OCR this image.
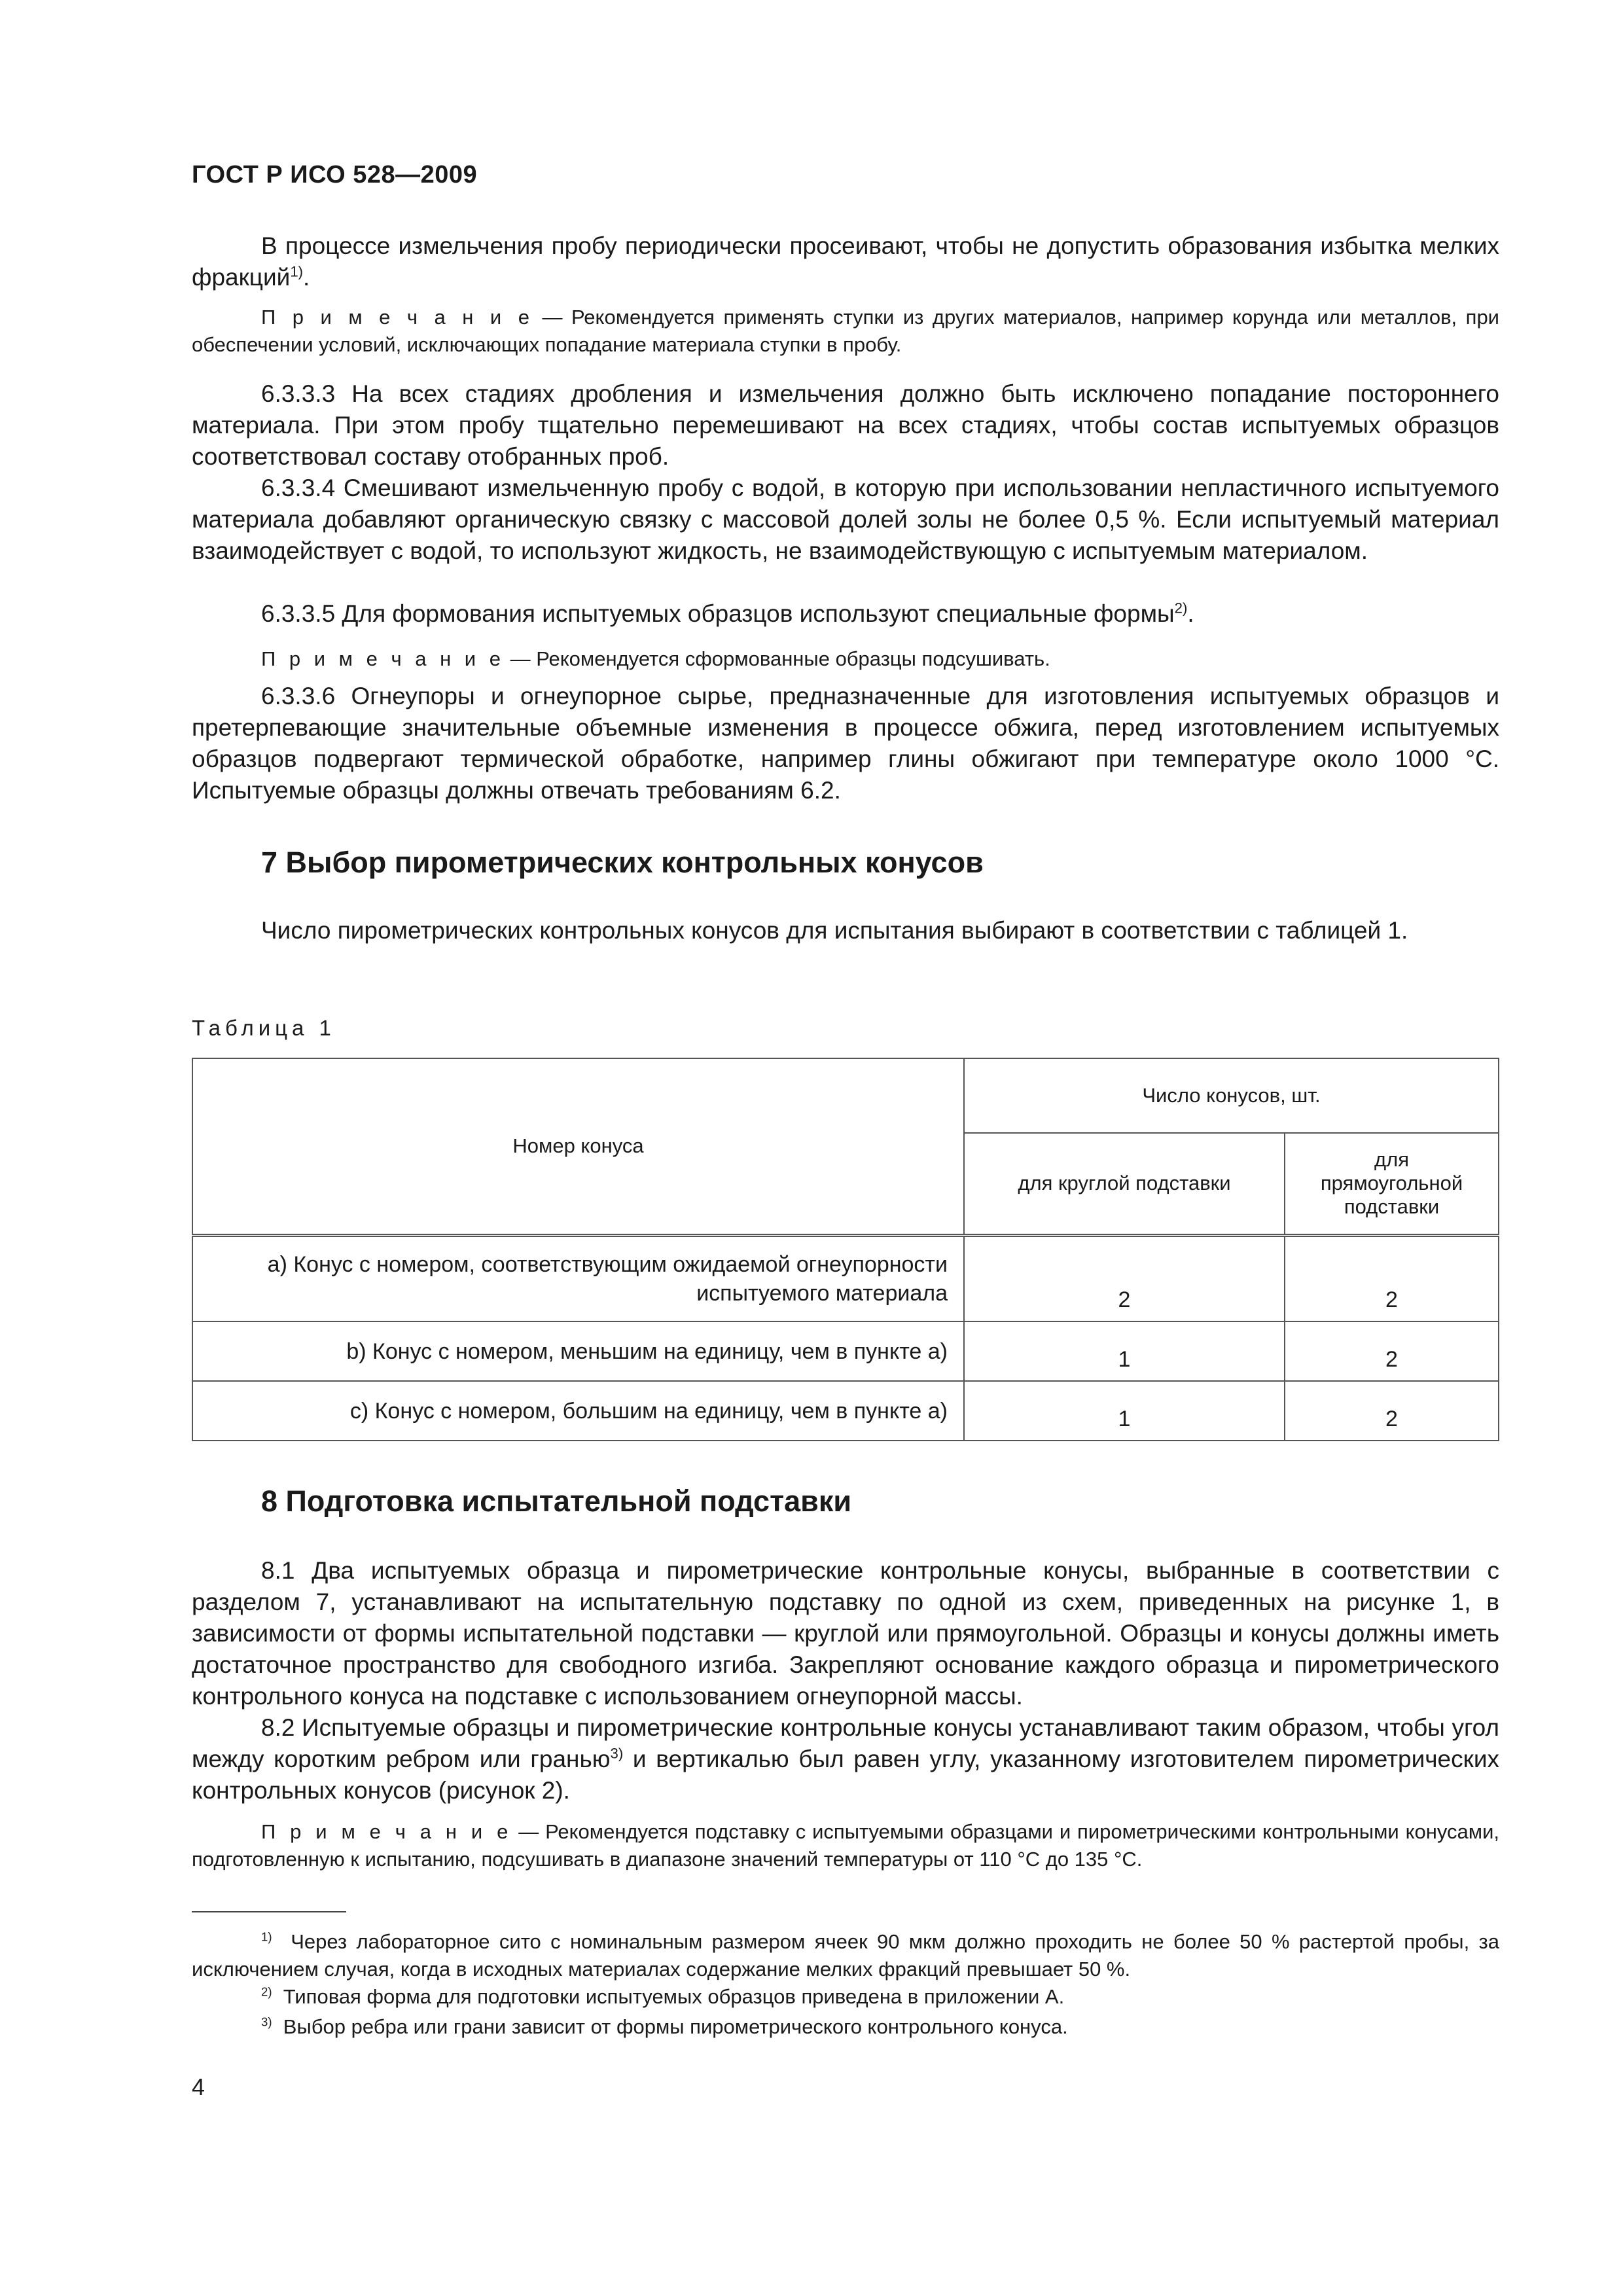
ГОСТ Р ИСО 528—2009
В процессе измельчения пробу периодически просеивают, чтобы не допустить образования избытка мелких фракций$^{1)}$.
П р и м е ч а н и е — Рекомендуется применять ступки из других материалов, например корунда или металлов, при обеспечении условий, исключающих попадание материала ступки в пробу.
6.3.3.3 На всех стадиях дробления и измельчения должно быть исключено попадание постороннего материала. При этом пробу тщательно перемешивают на всех стадиях, чтобы состав испытуемых образцов соответствовал составу отобранных проб.
6.3.3.4 Смешивают измельченную пробу с водой, в которую при использовании непластичного испытуемого материала добавляют органическую связку с массовой долей золы не более 0,5 %. Если испытуемый материал взаимодействует с водой, то используют жидкость, не взаимодействующую с испытуемым материалом.
6.3.3.5 Для формования испытуемых образцов используют специальные формы$^{2)}$.
П р и м е ч а н и е — Рекомендуется сформованные образцы подсушивать.
6.3.3.6 Огнеупоры и огнеупорное сырье, предназначенные для изготовления испытуемых образцов и претерпевающие значительные объемные изменения в процессе обжига, перед изготовлением испытуемых образцов подвергают термической обработке, например глины обжигают при температуре около 1000 °С. Испытуемые образцы должны отвечать требованиям 6.2.
7 Выбор пирометрических контрольных конусов
Число пирометрических контрольных конусов для испытания выбирают в соответствии с таблицей 1.
Таблица 1
Номер конуса	Число конусов, шт.	
	для круглой подставки	для прямоугольной подставки
а) Конус с номером, соответствующим ожидаемой огнеупорности испытуемого материала	2	2
b) Конус с номером, меньшим на единицу, чем в пункте а)	1	2
с) Конус с номером, большим на единицу, чем в пункте а)	1	2
8 Подготовка испытательной подставки
8.1 Два испытуемых образца и пирометрические контрольные конусы, выбранные в соответствии с разделом 7, устанавливают на испытательную подставку по одной из схем, приведенных на рисунке 1, в зависимости от формы испытательной подставки — круглой или прямоугольной. Образцы и конусы должны иметь достаточное пространство для свободного изгиба. Закрепляют основание каждого образца и пирометрического контрольного конуса на подставке с использованием огнеупорной массы.
8.2 Испытуемые образцы и пирометрические контрольные конусы устанавливают таким образом, чтобы угол между коротким ребром или гранью$^{3)}$ и вертикалью был равен углу, указанному изготовителем пирометрических контрольных конусов (рисунок 2).
П р и м е ч а н и е — Рекомендуется подставку с испытуемыми образцами и пирометрическими контрольными конусами, подготовленную к испытанию, подсушивать в диапазоне значений температуры от 110 °С до 135 °С.
$^{1)}$ Через лабораторное сито с номинальным размером ячеек 90 мкм должно проходить не более 50 % растертой пробы, за исключением случая, когда в исходных материалах содержание мелких фракций превышает 50 %.
$^{2)}$ Типовая форма для подготовки испытуемых образцов приведена в приложении А.
$^{3)}$ Выбор ребра или грани зависит от формы пирометрического контрольного конуса.
4
